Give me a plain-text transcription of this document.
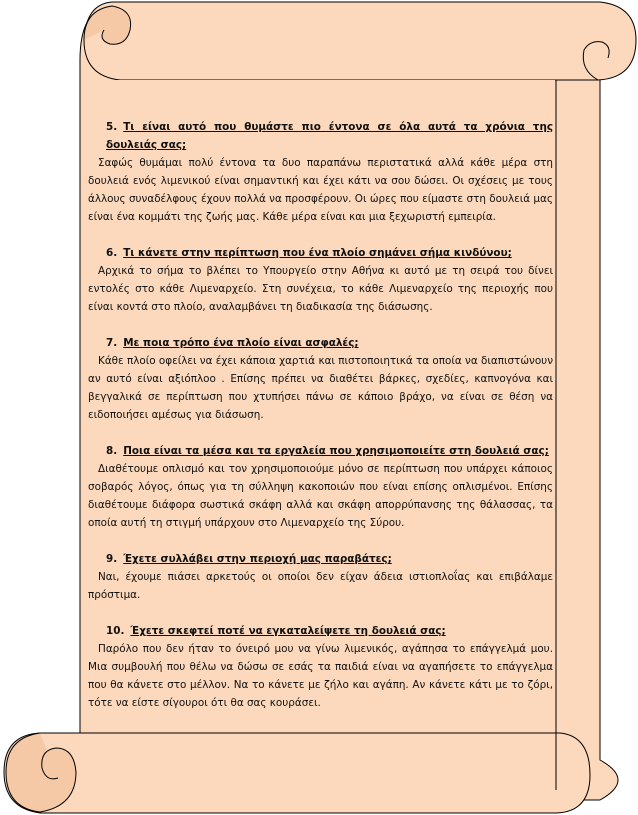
5. Τι είναι αυτό που θυμάστε πιο έντονα σε όλα αυτά τα χρόνια της δουλειάς σας;

Σαφώς θυμάμαι πολύ έντονα τα δυο παραπάνω περιστατικά αλλά κάθε μέρα στη δουλειά ενός λιμενικού είναι σημαντική και έχει κάτι να σου δώσει. Οι σχέσεις με τους άλλους συναδέλφους έχουν πολλά να προσφέρουν. Οι ώρες που είμαστε στη δουλειά μας είναι ένα κομμάτι της ζωής μας. Κάθε μέρα είναι και μια ξεχωριστή εμπειρία.

6. Τι κάνετε στην περίπτωση που ένα πλοίο σημάνει σήμα κινδύνου;

Αρχικά το σήμα το βλέπει το Υπουργείο στην Αθήνα κι αυτό με τη σειρά του δίνει εντολές στο κάθε Λιμεναρχείο. Στη συνέχεια, το κάθε Λιμεναρχείο της περιοχής που είναι κοντά στο πλοίο, αναλαμβάνει τη διαδικασία της διάσωσης.

7. Με ποια τρόπο ένα πλοίο είναι ασφαλές;

Κάθε πλοίο οφείλει να έχει κάποια χαρτιά και πιστοποιητικά τα οποία να διαπιστώνουν αν αυτό είναι αξιόπλοο . Επίσης πρέπει να διαθέτει βάρκες, σχεδίες, καπνογόνα και βεγγαλικά σε περίπτωση που χτυπήσει πάνω σε κάποιο βράχο, να είναι σε θέση να ειδοποιήσει αμέσως για διάσωση.

8. Ποια είναι τα μέσα και τα εργαλεία που χρησιμοποιείτε στη δουλειά σας;

Διαθέτουμε οπλισμό και τον χρησιμοποιούμε μόνο σε περίπτωση που υπάρχει κάποιος σοβαρός λόγος, όπως για τη σύλληψη κακοποιών που είναι επίσης οπλισμένοι. Επίσης διαθέτουμε διάφορα σωστικά σκάφη αλλά και σκάφη απορρύπανσης της θάλασσας, τα οποία αυτή τη στιγμή υπάρχουν στο Λιμεναρχείο της Σύρου.

9. Έχετε συλλάβει στην περιοχή μας παραβάτες;

Ναι, έχουμε πιάσει αρκετούς οι οποίοι δεν είχαν άδεια ιστιοπλοΐας και επιβάλαμε πρόστιμα.

10. Έχετε σκεφτεί ποτέ να εγκαταλείψετε τη δουλειά σας;

Παρόλο που δεν ήταν το όνειρό μου να γίνω λιμενικός, αγάπησα το επάγγελμά μου. Μια συμβουλή που θέλω να δώσω σε εσάς τα παιδιά είναι να αγαπήσετε το επάγγελμα που θα κάνετε στο μέλλον. Να το κάνετε με ζήλο και αγάπη. Αν κάνετε κάτι με το ζόρι, τότε να είστε σίγουροι ότι θα σας κουράσει.
